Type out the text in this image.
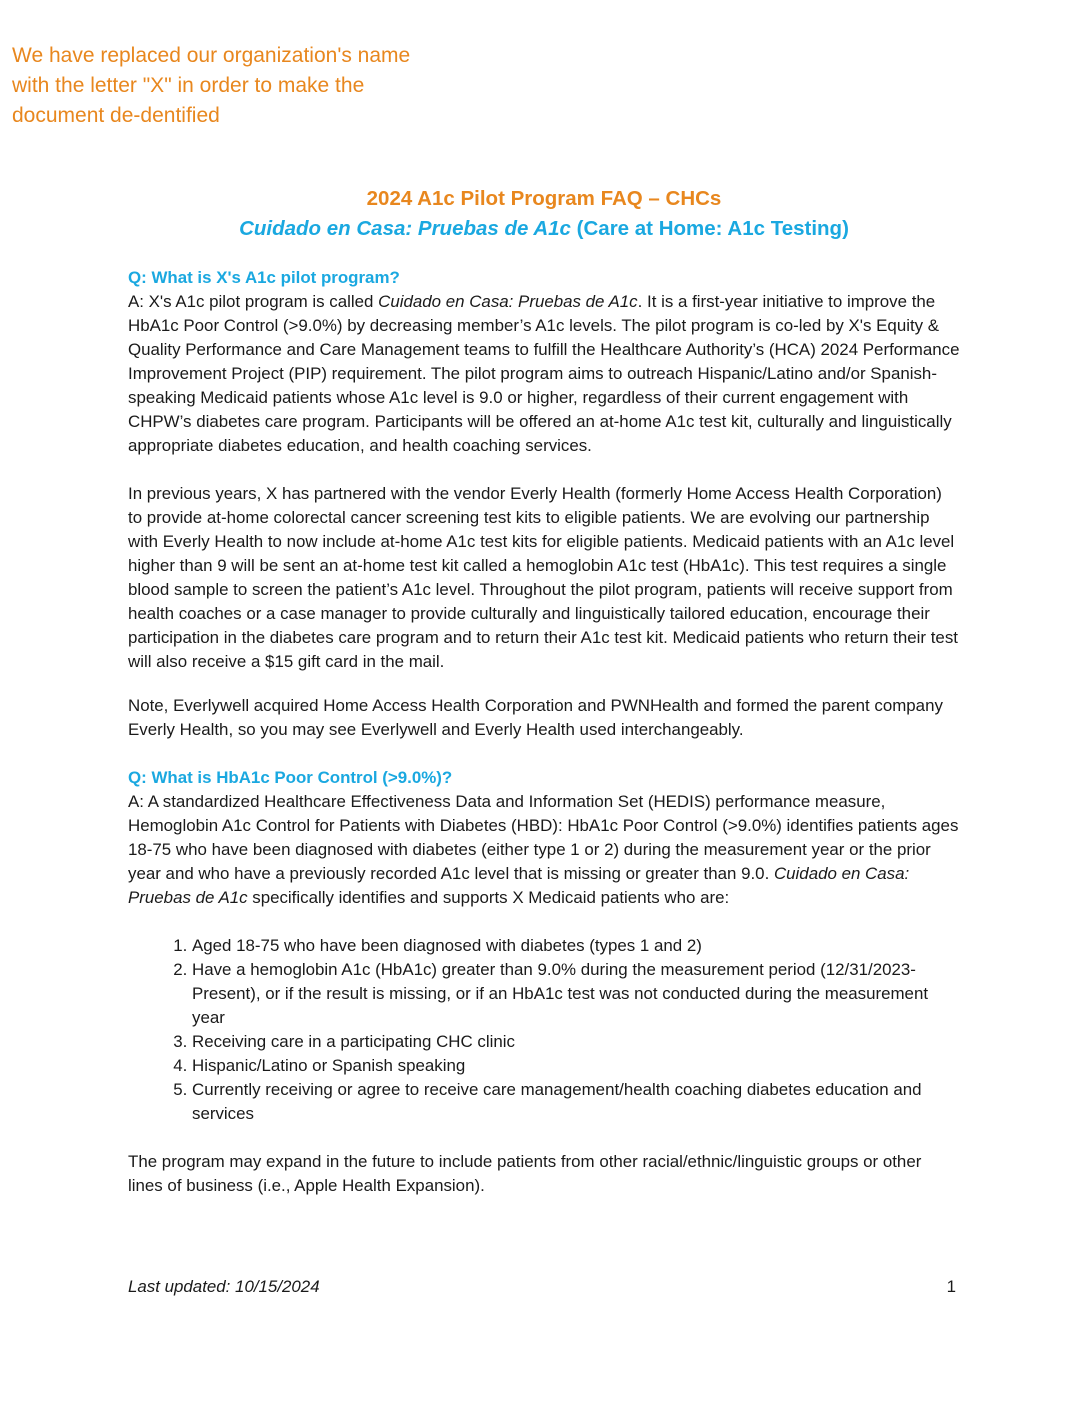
We have replaced our organization's name with the letter "X" in order to make the document de-dentified
2024 A1c Pilot Program FAQ – CHCs
Cuidado en Casa: Pruebas de A1c (Care at Home: A1c Testing)

Q: What is X's A1c pilot program?

A: X's A1c pilot program is called Cuidado en Casa: Pruebas de A1c. It is a first-year initiative to improve the HbA1c Poor Control (>9.0%) by decreasing member’s A1c levels. The pilot program is co-led by X's Equity & Quality Performance and Care Management teams to fulfill the Healthcare Authority’s (HCA) 2024 Performance Improvement Project (PIP) requirement. The pilot program aims to outreach Hispanic/Latino and/or Spanish-speaking Medicaid patients whose A1c level is 9.0 or higher, regardless of their current engagement with CHPW’s diabetes care program. Participants will be offered an at-home A1c test kit, culturally and linguistically appropriate diabetes education, and health coaching services.

In previous years, X has partnered with the vendor Everly Health (formerly Home Access Health Corporation) to provide at-home colorectal cancer screening test kits to eligible patients. We are evolving our partnership with Everly Health to now include at-home A1c test kits for eligible patients. Medicaid patients with an A1c level higher than 9 will be sent an at-home test kit called a hemoglobin A1c test (HbA1c). This test requires a single blood sample to screen the patient’s A1c level. Throughout the pilot program, patients will receive support from health coaches or a case manager to provide culturally and linguistically tailored education, encourage their participation in the diabetes care program and to return their A1c test kit. Medicaid patients who return their test will also receive a $15 gift card in the mail.

Note, Everlywell acquired Home Access Health Corporation and PWNHealth and formed the parent company Everly Health, so you may see Everlywell and Everly Health used interchangeably.

Q: What is HbA1c Poor Control (>9.0%)?

A: A standardized Healthcare Effectiveness Data and Information Set (HEDIS) performance measure, Hemoglobin A1c Control for Patients with Diabetes (HBD): HbA1c Poor Control (>9.0%) identifies patients ages 18-75 who have been diagnosed with diabetes (either type 1 or 2) during the measurement year or the prior year and who have a previously recorded A1c level that is missing or greater than 9.0. Cuidado en Casa: Pruebas de A1c specifically identifies and supports X Medicaid patients who are:

1. Aged 18-75 who have been diagnosed with diabetes (types 1 and 2)
2. Have a hemoglobin A1c (HbA1c) greater than 9.0% during the measurement period (12/31/2023-Present), or if the result is missing, or if an HbA1c test was not conducted during the measurement year
3. Receiving care in a participating CHC clinic
4. Hispanic/Latino or Spanish speaking
5. Currently receiving or agree to receive care management/health coaching diabetes education and services

The program may expand in the future to include patients from other racial/ethnic/linguistic groups or other lines of business (i.e., Apple Health Expansion).

Last updated: 10/15/2024	1
